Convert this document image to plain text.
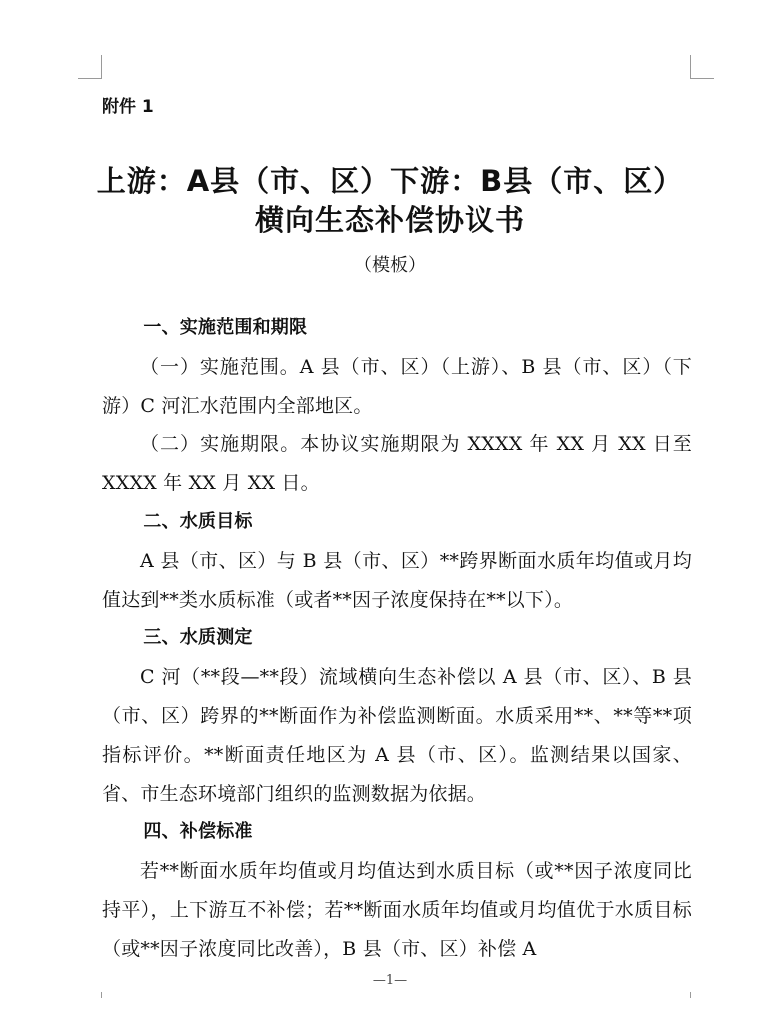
附件 1

上游：A县（市、区）下游：B县（市、区）
横向生态补偿协议书

（模板）

一、实施范围和期限

（一）实施范围。A 县（市、区）（上游）、B 县（市、区）（下游）C 河汇水范围内全部地区。

（二）实施期限。本协议实施期限为 XXXX 年 XX 月 XX 日至 XXXX 年 XX 月 XX 日。

二、水质目标

A 县（市、区）与 B 县（市、区）**跨界断面水质年均值或月均值达到**类水质标准（或者**因子浓度保持在**以下）。

三、水质测定

C 河（**段—**段）流域横向生态补偿以 A 县（市、区）、B 县（市、区）跨界的**断面作为补偿监测断面。水质采用**、**等**项指标评价。**断面责任地区为 A 县（市、区）。监测结果以国家、省、市生态环境部门组织的监测数据为依据。

四、补偿标准

若**断面水质年均值或月均值达到水质目标（或**因子浓度同比持平），上下游互不补偿；若**断面水质年均值或月均值优于水质目标（或**因子浓度同比改善），B 县（市、区）补偿 A

—1—
